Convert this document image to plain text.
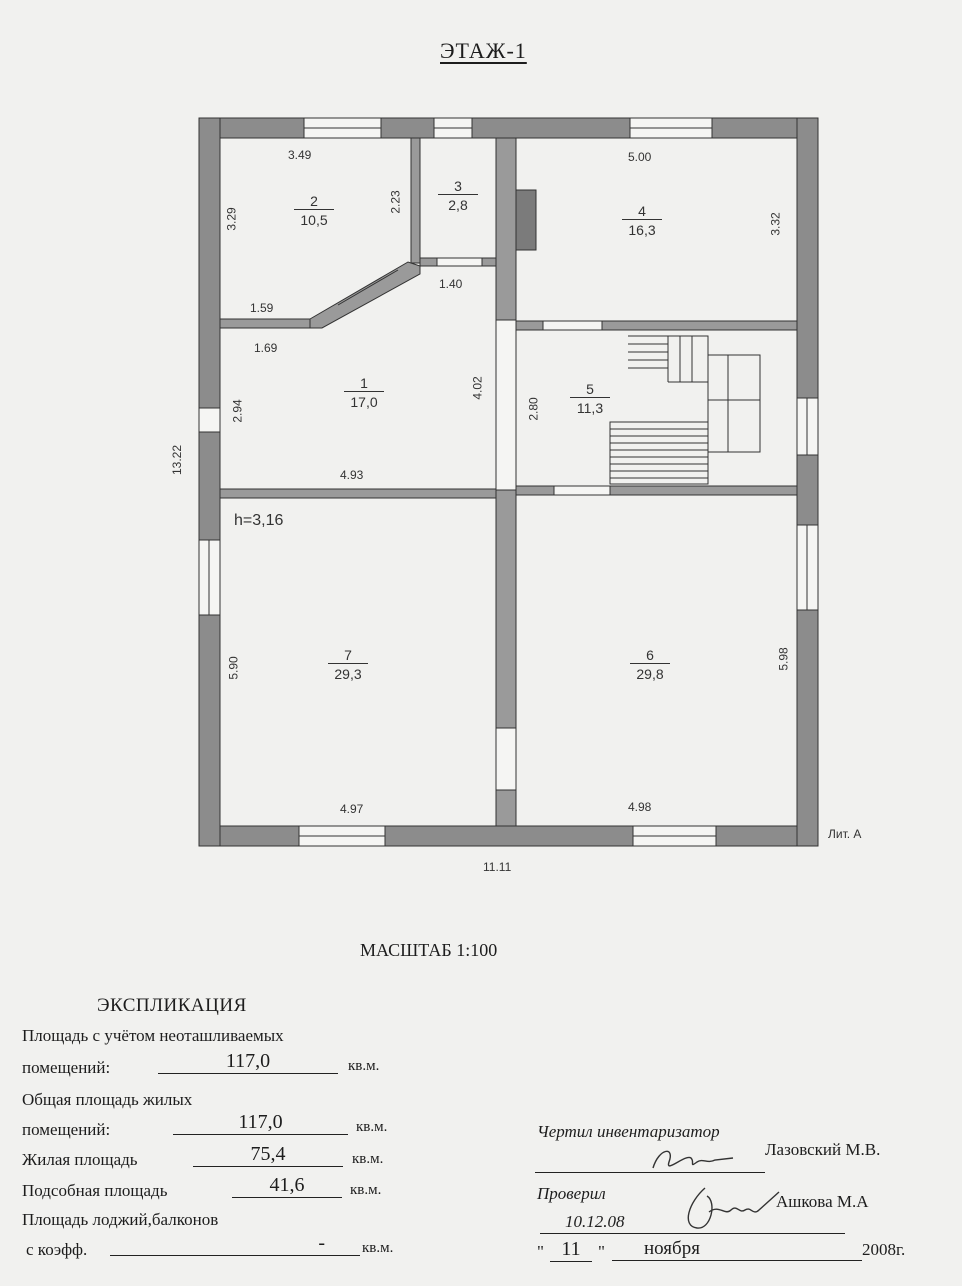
ЭТАЖ-1
3.49
3.29
2.23
1.40
1.59
5.00
3.32
1.69
2.94
4.02
4.93
2.80
5.90	5.98
4.97	4.98
11.11
13.22
h=3,16
Лит. А
2
10,5
3
2,8	4
16,3
1
17,0
5
11,3
7
29,3
6
29,8
МАСШТАБ 1:100
ЭКСПЛИКАЦИЯ
Площадь с учётом неоташливаемых
помещений:	117,0	кв.м.
Общая площадь жилых
помещений:	117,0	кв.м.
Жилая площадь	75,4	кв.м.
Подсобная площадь	41,6	кв.м.
Площадь лоджий,балконов
с коэфф.	-	кв.м.
Чертил инвентаризатор
Лазовский М.В.
Проверил
10.12.08
Ашкова М.А
" 11	"	ноября	2008г.
